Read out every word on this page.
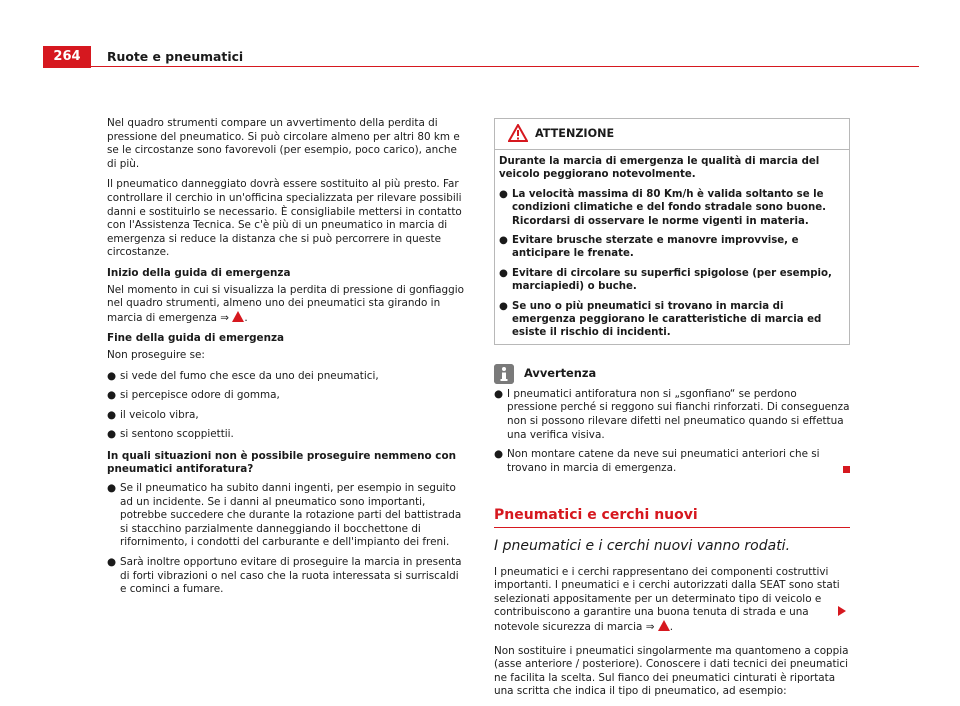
264	Ruote e pneumatici

Nel quadro strumenti compare un avvertimento della perdita di pressione del pneumatico. Si può circolare almeno per altri 80 km e se le circostanze sono favorevoli (per esempio, poco carico), anche di più.

Il pneumatico danneggiato dovrà essere sostituito al più presto. Far controllare il cerchio in un'officina specializzata per rilevare possibili danni e sostituirlo se necessario. È consigliabile mettersi in contatto con l'Assistenza Tecnica. Se c'è più di un pneumatico in marcia di emergenza si reduce la distanza che si può percorrere in queste circostanze.

Inizio della guida di emergenza

Nel momento in cui si visualizza la perdita di pressione di gonfiaggio nel quadro strumenti, almeno uno dei pneumatici sta girando in marcia di emergenza ⇒ .

Fine della guida di emergenza

Non proseguire se:

● si vede del fumo che esce da uno dei pneumatici,
● si percepisce odore di gomma,
● il veicolo vibra,
● si sentono scoppiettii.

In quali situazioni non è possibile proseguire nemmeno con pneumatici antiforatura?

● Se il pneumatico ha subito danni ingenti, per esempio in seguito ad un incidente. Se i danni al pneumatico sono importanti, potrebbe succedere che durante la rotazione parti del battistrada si stacchino parzialmente danneggiando il bocchettone di rifornimento, i condotti del carburante e dell'impianto dei freni.
● Sarà inoltre opportuno evitare di proseguire la marcia in presenta di forti vibrazioni o nel caso che la ruota interessata si surriscaldi e cominci a fumare.
ATTENZIONE

Durante la marcia di emergenza le qualità di marcia del veicolo peggiorano notevolmente.

● La velocità massima di 80 Km/h è valida soltanto se le condizioni climatiche e del fondo stradale sono buone. Ricordarsi di osservare le norme vigenti in materia.
● Evitare brusche sterzate e manovre improvvise, e anticipare le frenate.
● Evitare di circolare su superfici spigolose (per esempio, marciapiedi) o buche.
● Se uno o più pneumatici si trovano in marcia di emergenza peggiorano le caratteristiche di marcia ed esiste il rischio di incidenti.
Avvertenza
● I pneumatici antiforatura non si „sgonfiano“ se perdono pressione perché si reggono sui fianchi rinforzati. Di conseguenza non si possono rilevare difetti nel pneumatico quando si effettua una verifica visiva.
● Non montare catene da neve sui pneumatici anteriori che si trovano in marcia di emergenza.
Pneumatici e cerchi nuovi
I pneumatici e i cerchi nuovi vanno rodati.

I pneumatici e i cerchi rappresentano dei componenti costruttivi importanti. I pneumatici e i cerchi autorizzati dalla SEAT sono stati selezionati appositamente per un determinato tipo di veicolo e contribuiscono a garantire una buona tenuta di strada e una notevole sicurezza di marcia ⇒ .

Non sostituire i pneumatici singolarmente ma quantomeno a coppia (asse anteriore / posteriore). Conoscere i dati tecnici dei pneumatici ne facilita la scelta. Sul fianco dei pneumatici cinturati è riportata una scritta che indica il tipo di pneumatico, ad esempio:
